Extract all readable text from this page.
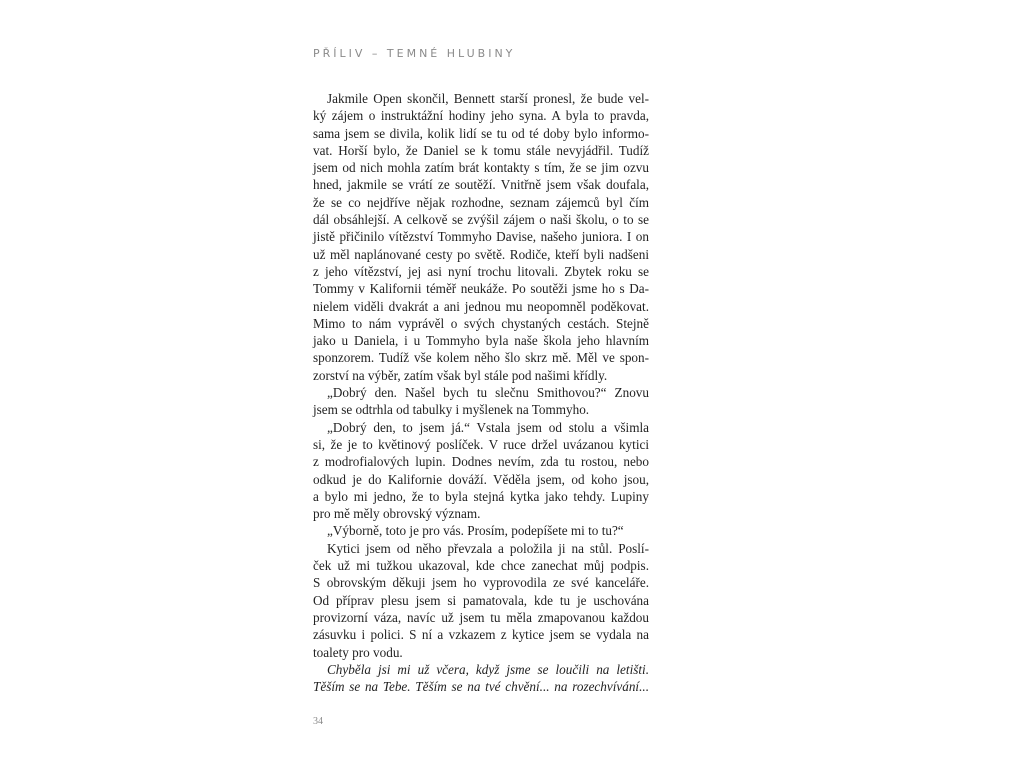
PŘÍLIV – TEMNÉ HLUBINY
Jakmile Open skončil, Bennett starší pronesl, že bude vel-
ký zájem o instruktážní hodiny jeho syna. A byla to pravda,
sama jsem se divila, kolik lidí se tu od té doby bylo informo-
vat. Horší bylo, že Daniel se k tomu stále nevyjádřil. Tudíž
jsem od nich mohla zatím brát kontakty s tím, že se jim ozvu
hned, jakmile se vrátí ze soutěží. Vnitřně jsem však doufala,
že se co nejdříve nějak rozhodne, seznam zájemců byl čím
dál obsáhlejší. A celkově se zvýšil zájem o naši školu, o to se
jistě přičinilo vítězství Tommyho Davise, našeho juniora. I on
už měl naplánované cesty po světě. Rodiče, kteří byli nadšeni
z jeho vítězství, jej asi nyní trochu litovali. Zbytek roku se
Tommy v Kalifornii téměř neukáže. Po soutěži jsme ho s Da-
nielem viděli dvakrát a ani jednou mu neopomněl poděkovat.
Mimo to nám vyprávěl o svých chystaných cestách. Stejně
jako u Daniela, i u Tommyho byla naše škola jeho hlavním
sponzorem. Tudíž vše kolem něho šlo skrz mě. Měl ve spon-
zorství na výběr, zatím však byl stále pod našimi křídly.
„Dobrý den. Našel bych tu slečnu Smithovou?“ Znovu
jsem se odtrhla od tabulky i myšlenek na Tommyho.
„Dobrý den, to jsem já.“ Vstala jsem od stolu a všimla
si, že je to květinový poslíček. V ruce držel uvázanou kytici
z modrofialových lupin. Dodnes nevím, zda tu rostou, nebo
odkud je do Kalifornie dováží. Věděla jsem, od koho jsou,
a bylo mi jedno, že to byla stejná kytka jako tehdy. Lupiny
pro mě měly obrovský význam.
„Výborně, toto je pro vás. Prosím, podepíšete mi to tu?“
Kytici jsem od něho převzala a položila ji na stůl. Poslí-
ček už mi tužkou ukazoval, kde chce zanechat můj podpis.
S obrovským děkuji jsem ho vyprovodila ze své kanceláře.
Od příprav plesu jsem si pamatovala, kde tu je uschována
provizorní váza, navíc už jsem tu měla zmapovanou každou
zásuvku i polici. S ní a vzkazem z kytice jsem se vydala na
toalety pro vodu.
Chyběla jsi mi už včera, když jsme se loučili na letišti.
Těším se na Tebe. Těším se na tvé chvění... na rozechvívání...
34
